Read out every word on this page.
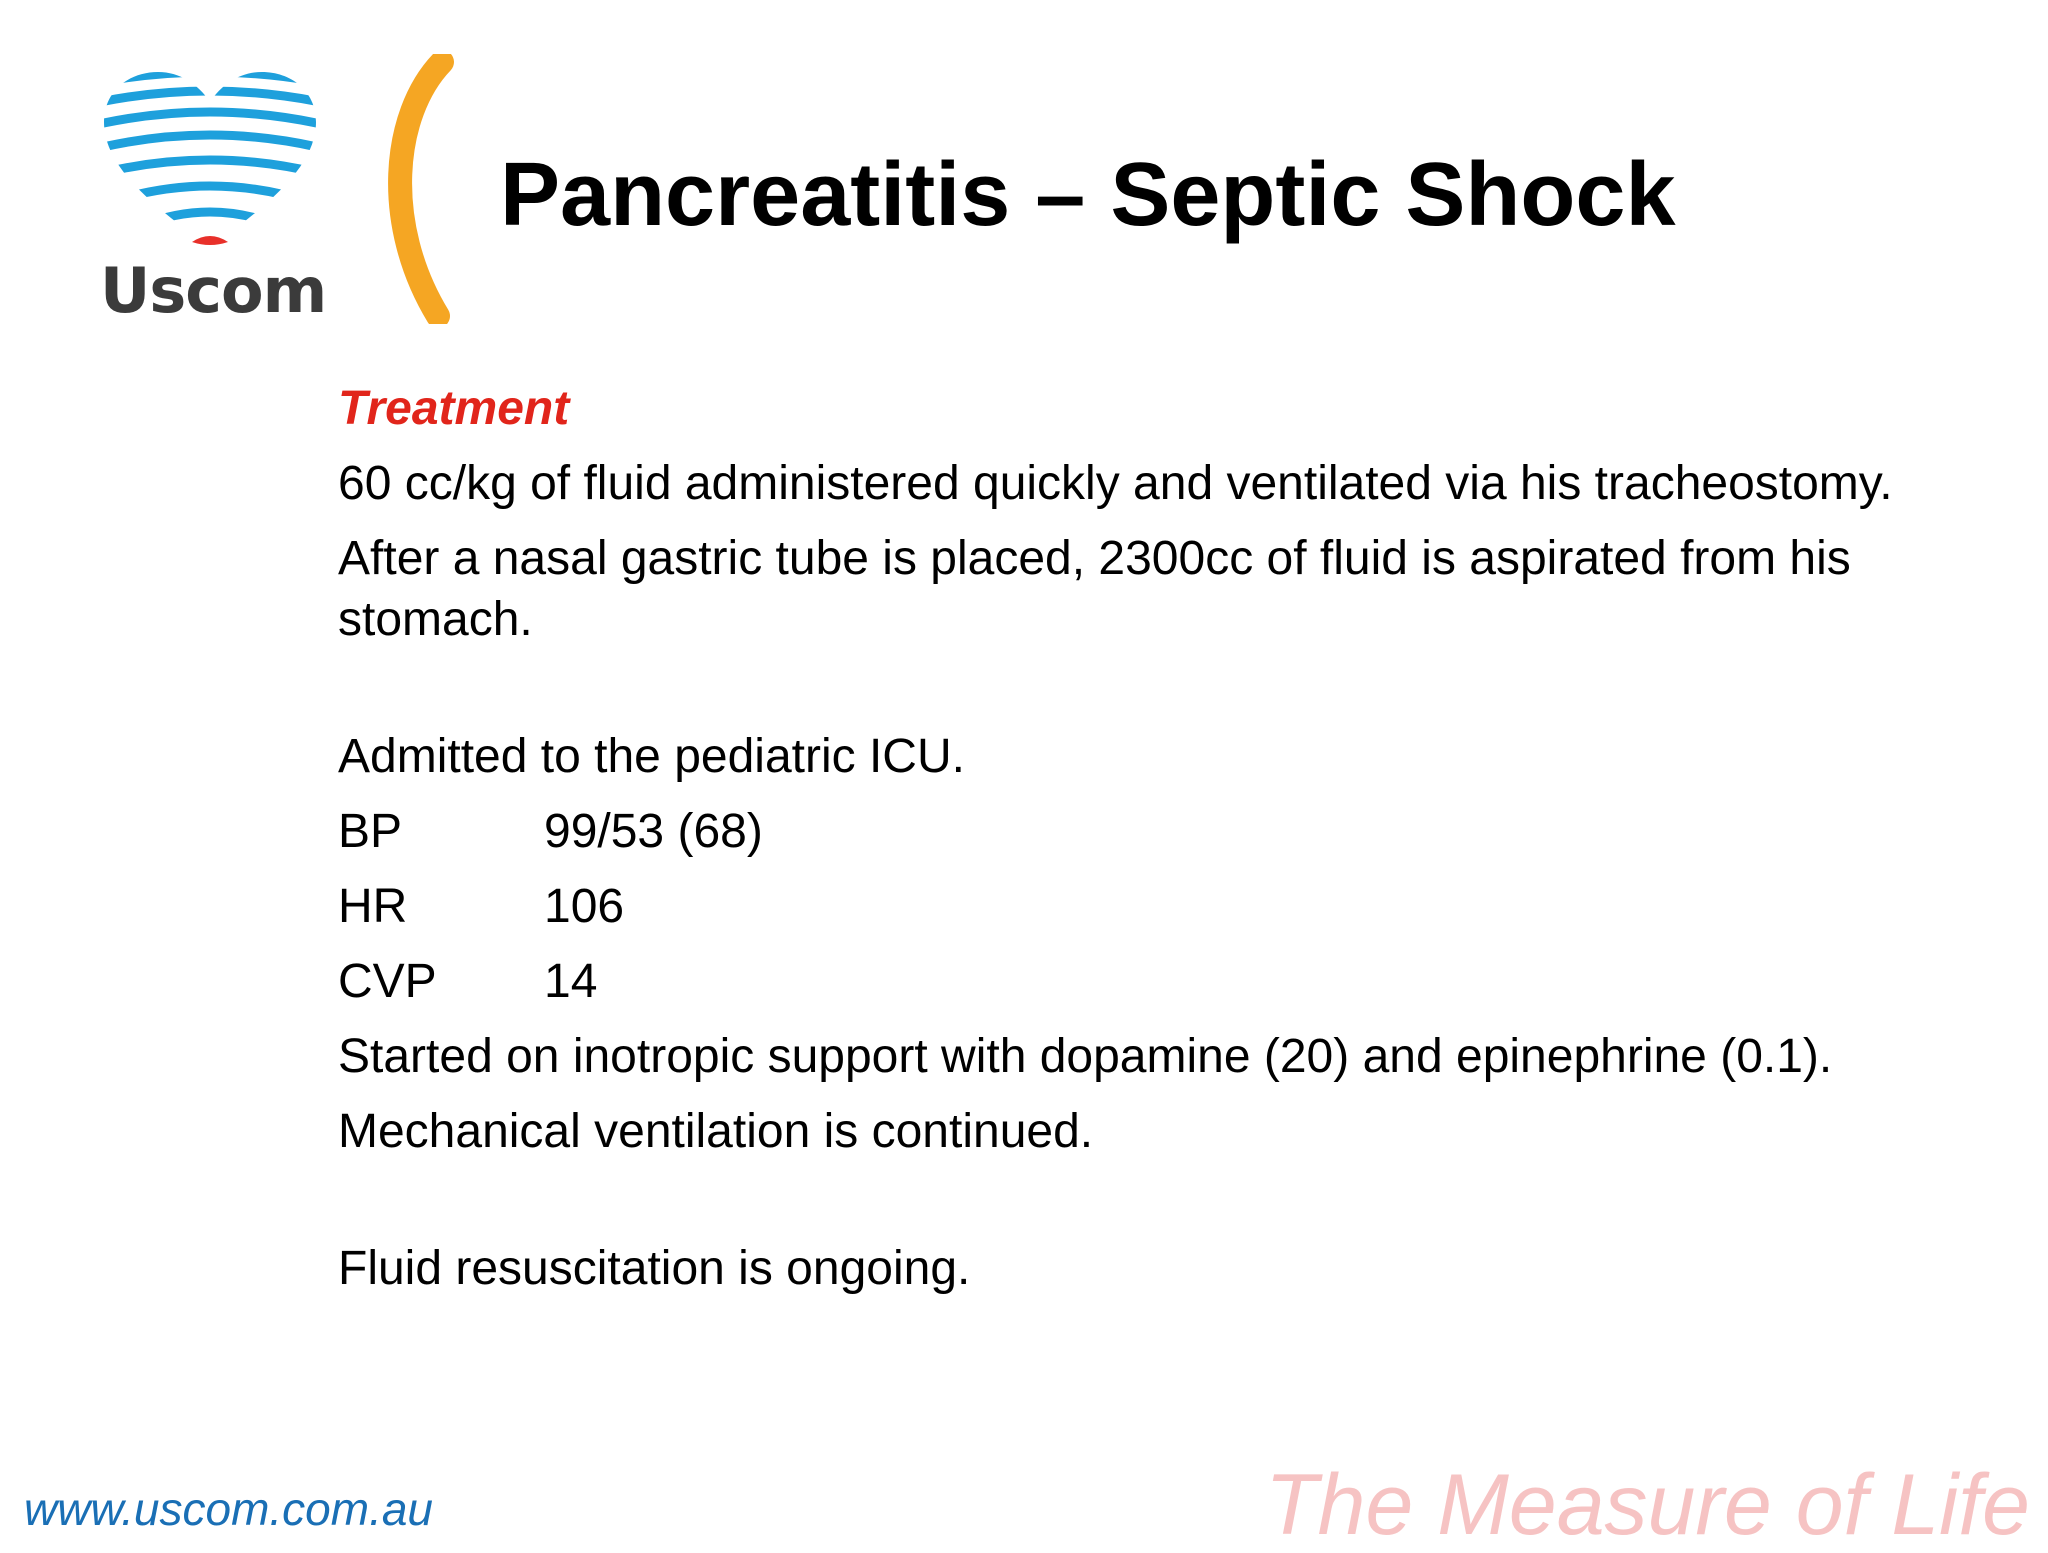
Uscom
Pancreatitis – Septic Shock
Treatment
60 cc/kg of fluid administered quickly and ventilated via his tracheostomy.
After a nasal gastric tube is placed, 2300cc of fluid is aspirated from his stomach.
Admitted to the pediatric ICU.
BP	99/53 (68)
HR	106
CVP	14
Started on inotropic support with dopamine (20) and epinephrine (0.1).
Mechanical ventilation is continued.
Fluid resuscitation is ongoing.
www.uscom.com.au	The Measure of Life
